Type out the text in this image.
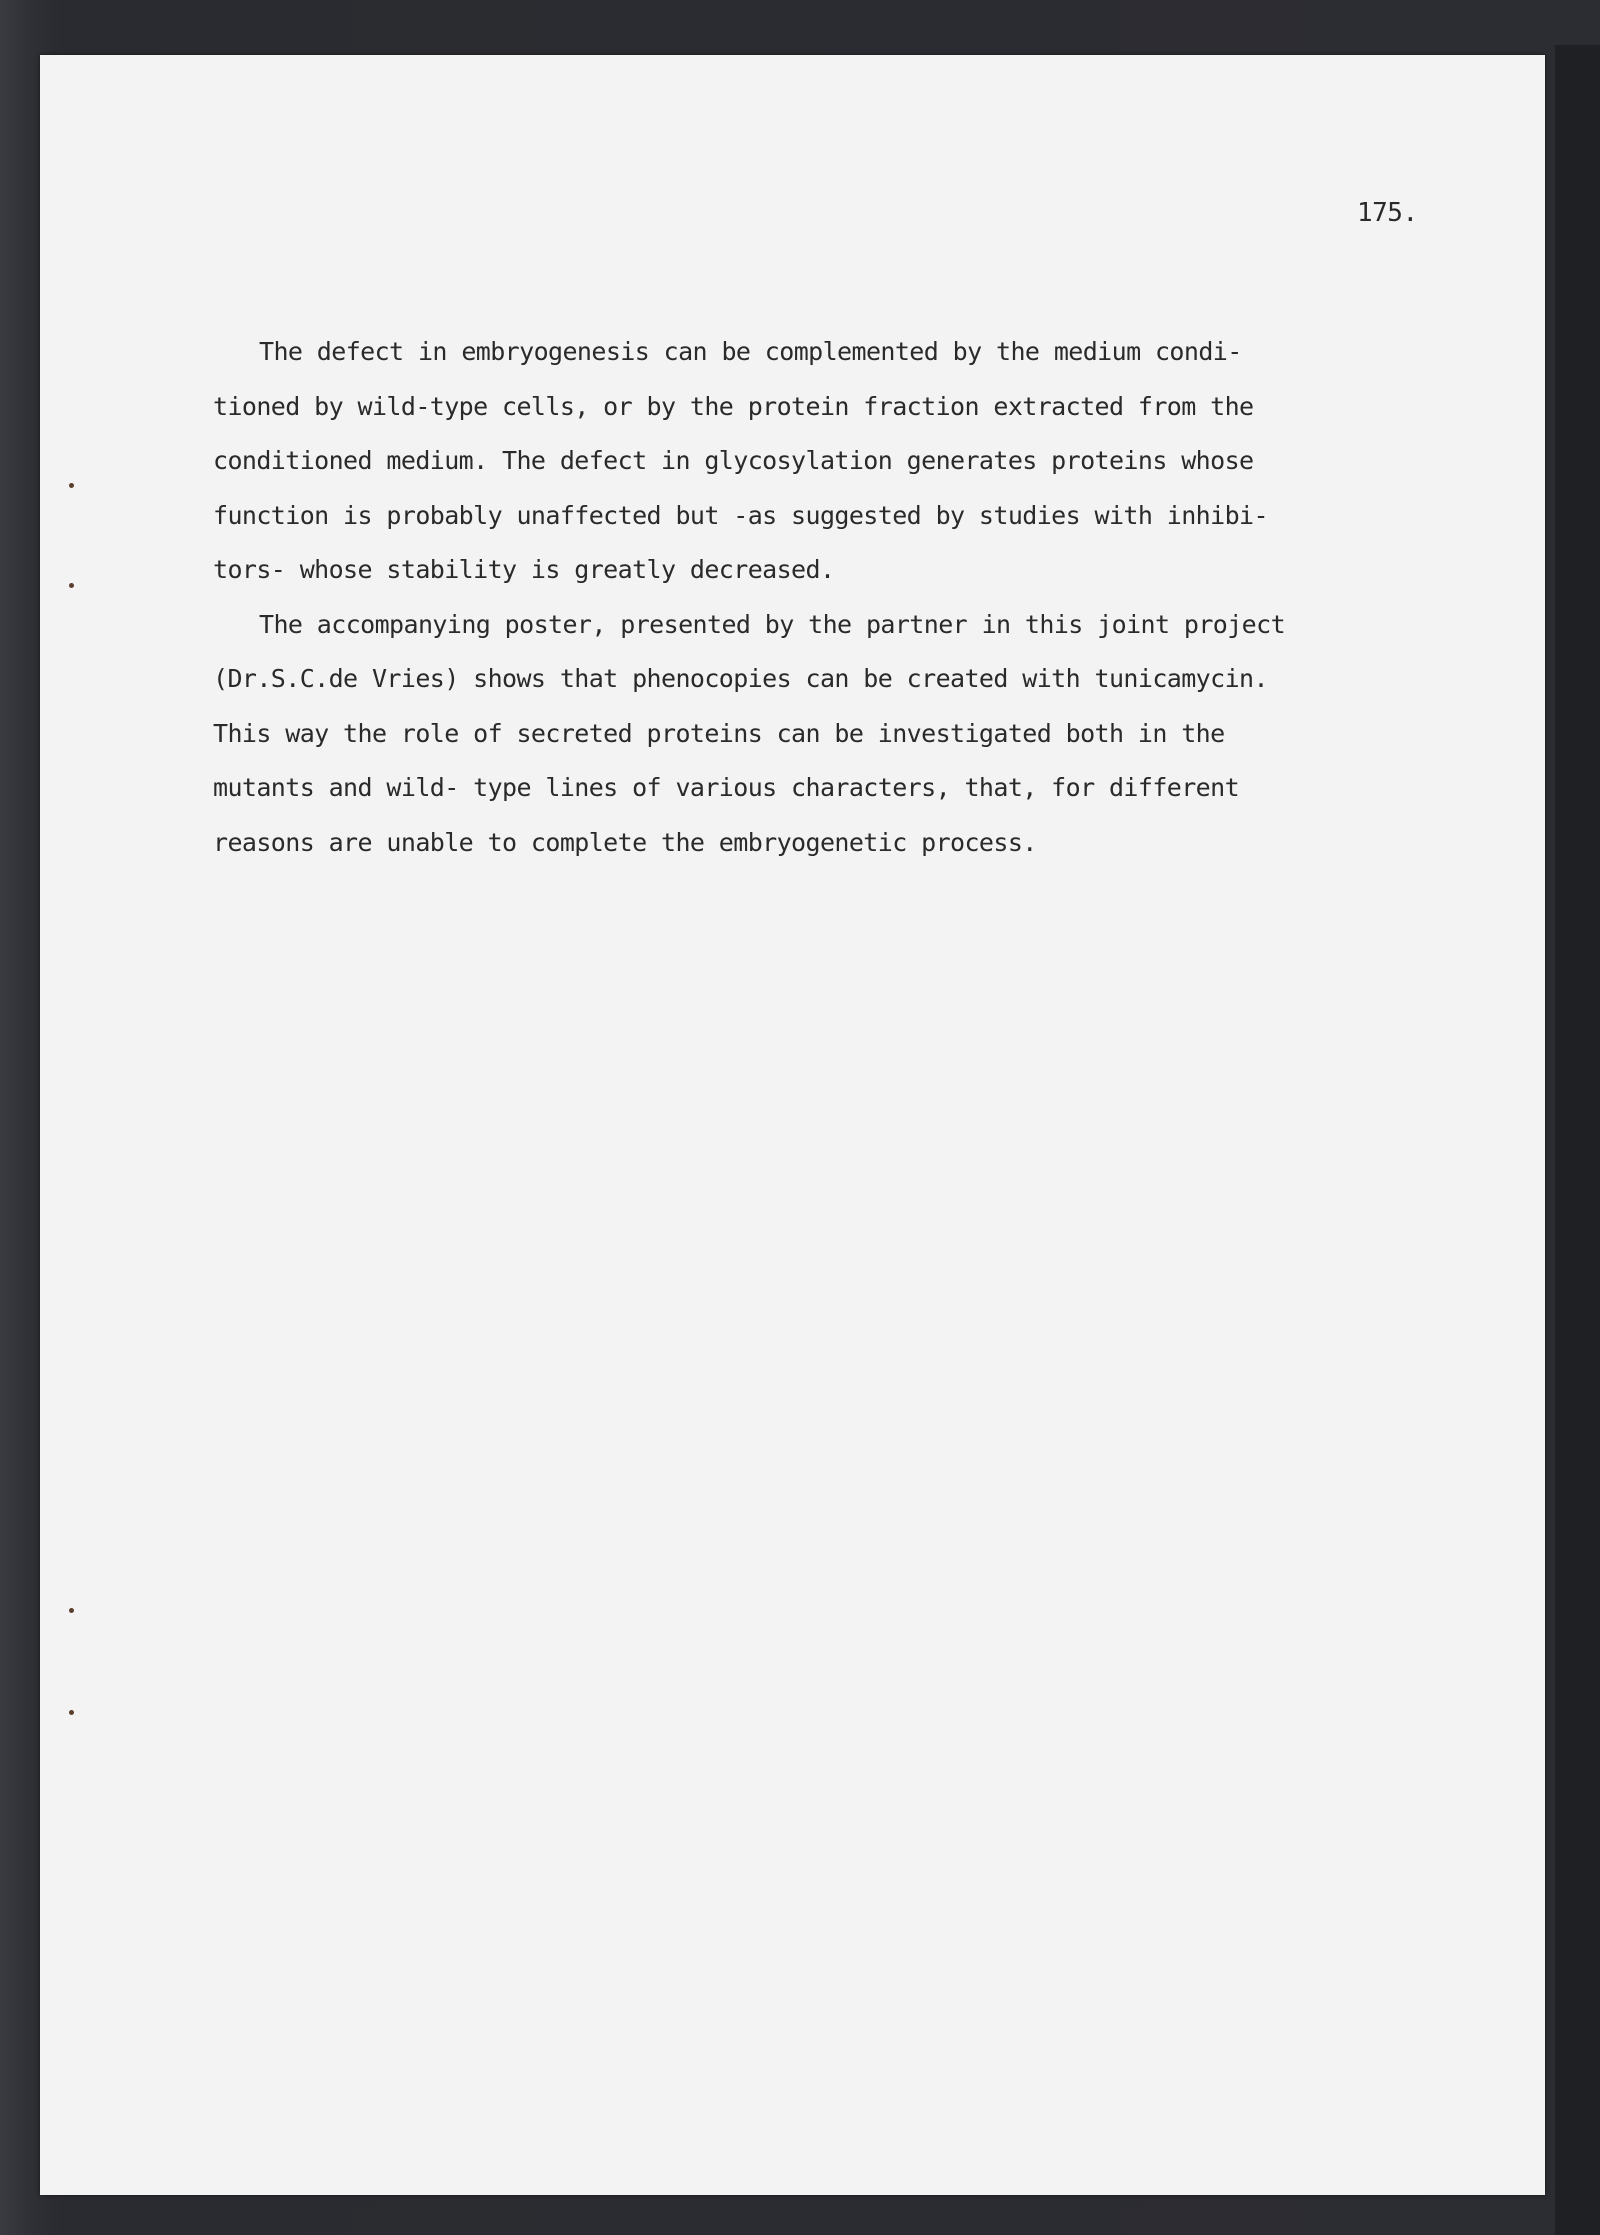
175.
The defect in embryogenesis can be complemented by the medium condi-
tioned by wild-type cells, or by the protein fraction extracted from the
conditioned medium. The defect in glycosylation generates proteins whose
function is probably unaffected but -as suggested by studies with inhibi-
tors- whose stability is greatly decreased.
The accompanying poster, presented by the partner in this joint project
(Dr.S.C.de Vries) shows that phenocopies can be created with tunicamycin.
This way the role of secreted proteins can be investigated both in the
mutants and wild- type lines of various characters, that, for different
reasons are unable to complete the embryogenetic process.
